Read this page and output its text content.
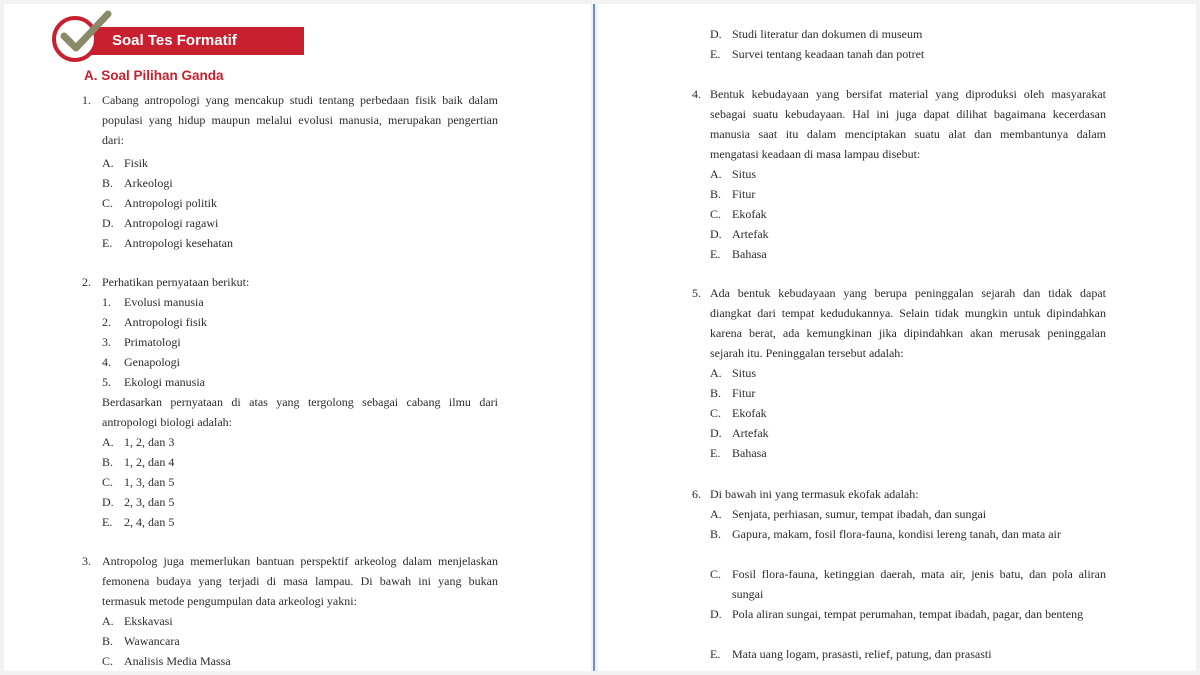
Soal Tes Formatif
A. Soal Pilihan Ganda
1. Cabang antropologi yang mencakup studi tentang perbedaan fisik baik dalam populasi yang hidup maupun melalui evolusi manusia, merupakan pengertian dari:
A. Fisik
B. Arkeologi
C. Antropologi politik
D. Antropologi ragawi
E. Antropologi kesehatan
2. Perhatikan pernyataan berikut:
1. Evolusi manusia
2. Antropologi fisik
3. Primatologi
4. Genapologi
5. Ekologi manusia
Berdasarkan pernyataan di atas yang tergolong sebagai cabang ilmu dari antropologi biologi adalah:
A. 1, 2, dan 3
B. 1, 2, dan 4
C. 1, 3, dan 5
D. 2, 3, dan 5
E. 2, 4, dan 5
3. Antropolog juga memerlukan bantuan perspektif arkeolog dalam menjelaskan femonena budaya yang terjadi di masa lampau. Di bawah ini yang bukan termasuk metode pengumpulan data arkeologi yakni:
A. Ekskavasi
B. Wawancara
C. Analisis Media Massa
D. Studi literatur dan dokumen di museum
E. Survei tentang keadaan tanah dan potret
4. Bentuk kebudayaan yang bersifat material yang diproduksi oleh masyarakat sebagai suatu kebudayaan. Hal ini juga dapat dilihat bagaimana kecerdasan manusia saat itu dalam menciptakan suatu alat dan membantunya dalam mengatasi keadaan di masa lampau disebut:
A. Situs
B. Fitur
C. Ekofak
D. Artefak
E. Bahasa
5. Ada bentuk kebudayaan yang berupa peninggalan sejarah dan tidak dapat diangkat dari tempat kedudukannya. Selain tidak mungkin untuk dipindahkan karena berat, ada kemungkinan jika dipindahkan akan merusak peninggalan sejarah itu. Peninggalan tersebut adalah:
A. Situs
B. Fitur
C. Ekofak
D. Artefak
E. Bahasa
6. Di bawah ini yang termasuk ekofak adalah:
A. Senjata, perhiasan, sumur, tempat ibadah, dan sungai
B. Gapura, makam, fosil flora-fauna, kondisi lereng tanah, dan mata air
C. Fosil flora-fauna, ketinggian daerah, mata air, jenis batu, dan pola aliran sungai
D. Pola aliran sungai, tempat perumahan, tempat ibadah, pagar, dan benteng
E. Mata uang logam, prasasti, relief, patung, dan prasasti
